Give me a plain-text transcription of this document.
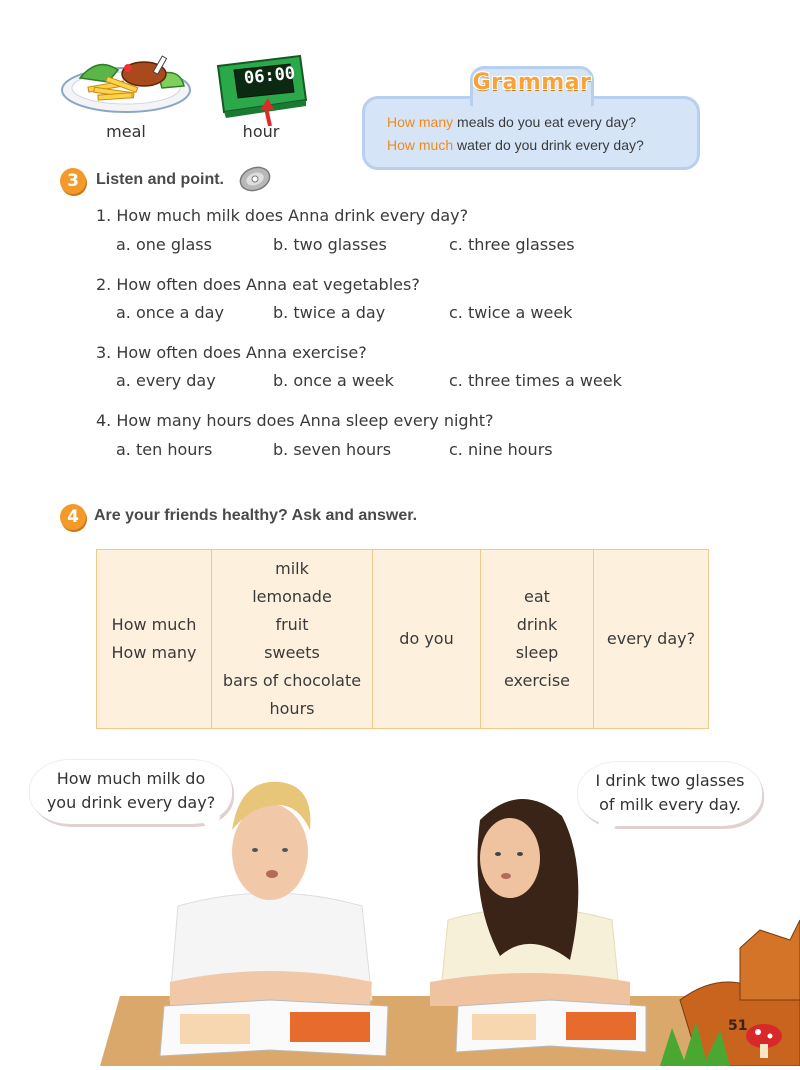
meal
06:00
hour
Grammar
How many meals do you eat every day?
How much water do you drink every day?
3	Listen and point.
1. How much milk does Anna drink every day?
a. one glass	b. two glasses	c. three glasses
2. How often does Anna eat vegetables?
a. once a day	b. twice a day	c. twice a week
3. How often does Anna exercise?
a. every day	b. once a week	c. three times a week
4. How many hours does Anna sleep every night?
a. ten hours	b. seven hours	c. nine hours
4 Are your friends healthy? Ask and answer.
How much
How many

milk
lemonade
fruit
sweets
bars of chocolate
hours

do you

eat
drink
sleep
exercise

every day?
51
How much milk do
you drink every day?
I drink two glasses
of milk every day.
